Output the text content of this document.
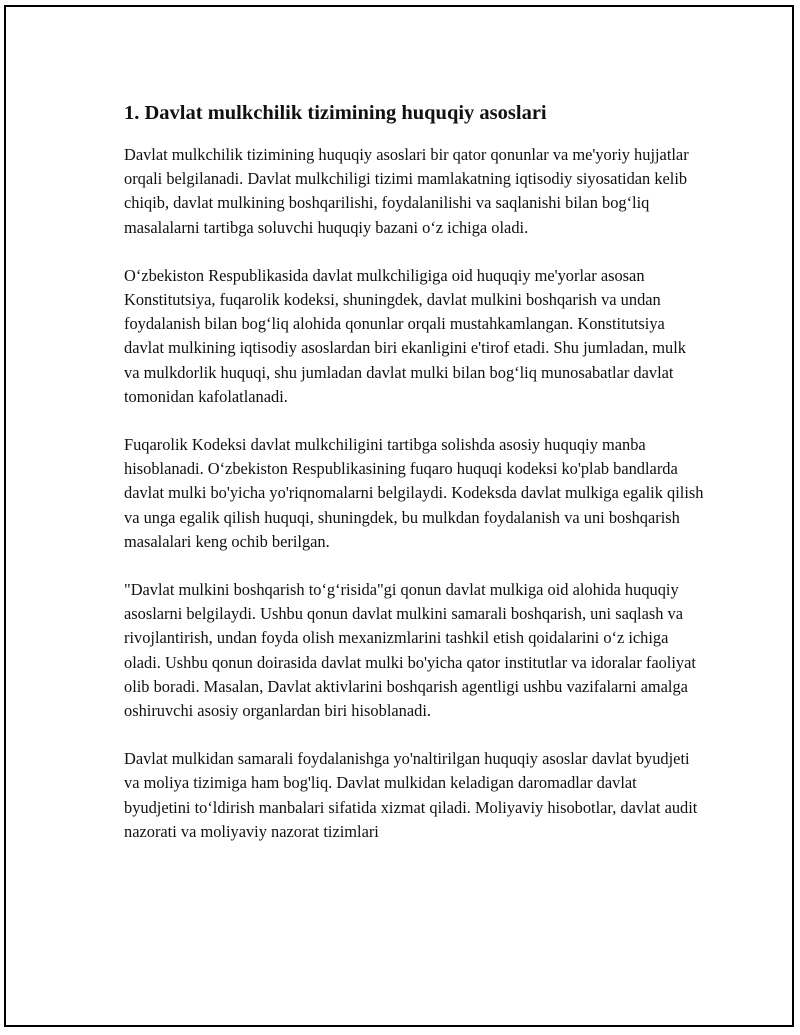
1. Davlat mulkchilik tizimining huquqiy asoslari

Davlat mulkchilik tizimining huquqiy asoslari bir qator qonunlar va me'yoriy hujjatlar orqali belgilanadi. Davlat mulkchiligi tizimi mamlakatning iqtisodiy siyosatidan kelib chiqib, davlat mulkining boshqarilishi, foydalanilishi va saqlanishi bilan bog‘liq masalalarni tartibga soluvchi huquqiy bazani o‘z ichiga oladi.

O‘zbekiston Respublikasida davlat mulkchiligiga oid huquqiy me'yorlar asosan Konstitutsiya, fuqarolik kodeksi, shuningdek, davlat mulkini boshqarish va undan foydalanish bilan bog‘liq alohida qonunlar orqali mustahkamlangan. Konstitutsiya davlat mulkining iqtisodiy asoslardan biri ekanligini e'tirof etadi. Shu jumladan, mulk va mulkdorlik huquqi, shu jumladan davlat mulki bilan bog‘liq munosabatlar davlat tomonidan kafolatlanadi.

Fuqarolik Kodeksi davlat mulkchiligini tartibga solishda asosiy huquqiy manba hisoblanadi. O‘zbekiston Respublikasining fuqaro huquqi kodeksi ko'plab bandlarda davlat mulki bo'yicha yo'riqnomalarni belgilaydi. Kodeksda davlat mulkiga egalik qilish va unga egalik qilish huquqi, shuningdek, bu mulkdan foydalanish va uni boshqarish masalalari keng ochib berilgan.

"Davlat mulkini boshqarish to‘g‘risida"gi qonun davlat mulkiga oid alohida huquqiy asoslarni belgilaydi. Ushbu qonun davlat mulkini samarali boshqarish, uni saqlash va rivojlantirish, undan foyda olish mexanizmlarini tashkil etish qoidalarini o‘z ichiga oladi. Ushbu qonun doirasida davlat mulki bo'yicha qator institutlar va idoralar faoliyat olib boradi. Masalan, Davlat aktivlarini boshqarish agentligi ushbu vazifalarni amalga oshiruvchi asosiy organlardan biri hisoblanadi.

Davlat mulkidan samarali foydalanishga yo'naltirilgan huquqiy asoslar davlat byudjeti va moliya tizimiga ham bog'liq. Davlat mulkidan keladigan daromadlar davlat byudjetini to‘ldirish manbalari sifatida xizmat qiladi. Moliyaviy hisobotlar, davlat audit nazorati va moliyaviy nazorat tizimlari
